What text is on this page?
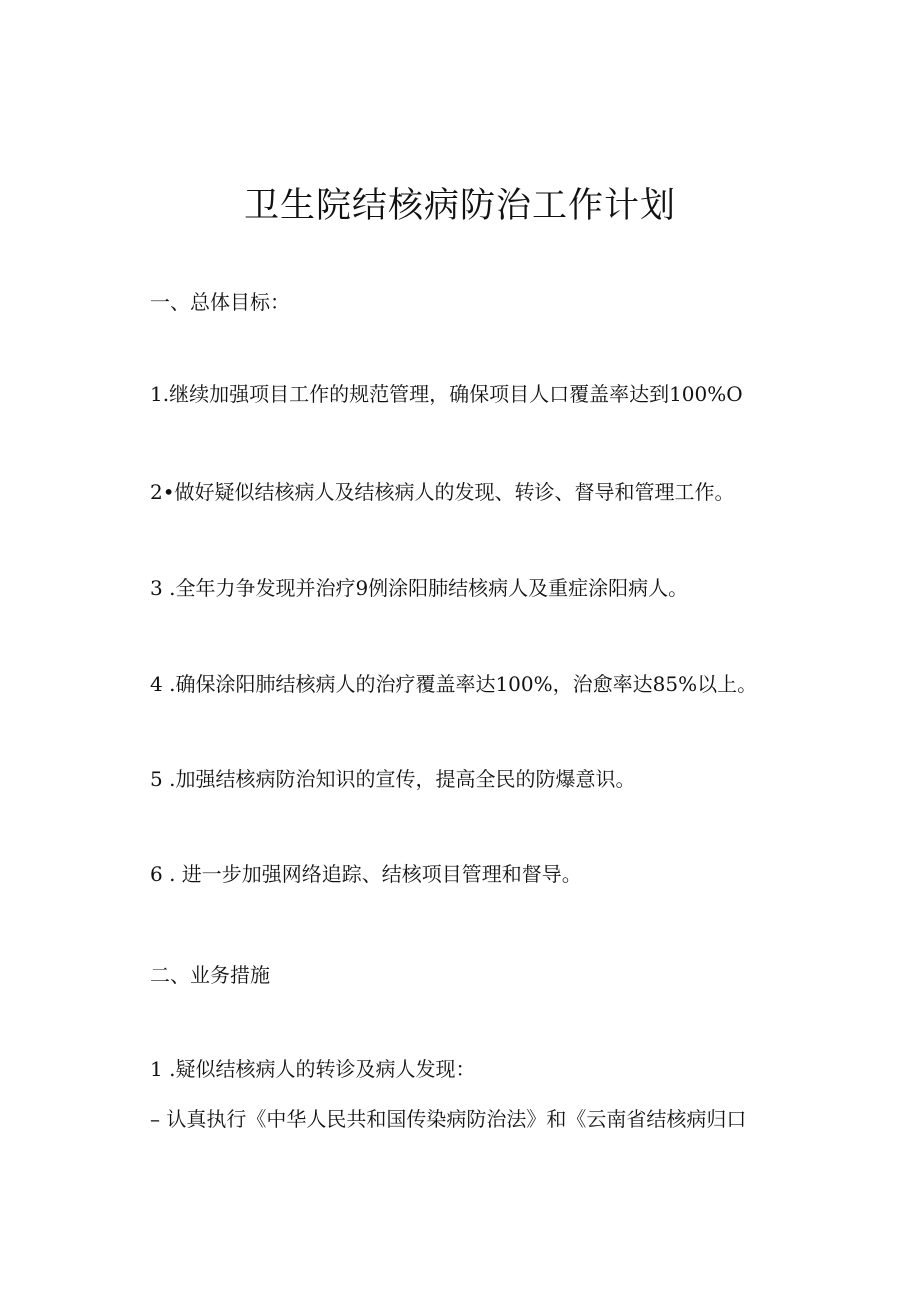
卫生院结核病防治工作计划

一、总体目标：

1.继续加强项目工作的规范管理，确保项目人口覆盖率达到100%O

2•做好疑似结核病人及结核病人的发现、转诊、督导和管理工作。

3 .全年力争发现并治疗9例涂阳肺结核病人及重症涂阳病人。

4 .确保涂阳肺结核病人的治疗覆盖率达100%，治愈率达85%以上。

5 .加强结核病防治知识的宣传，提高全民的防爆意识。

6 . 进一步加强网络追踪、结核项目管理和督导。

二、业务措施

1 .疑似结核病人的转诊及病人发现：

– 认真执行《中华人民共和国传染病防治法》和《云南省结核病归口
